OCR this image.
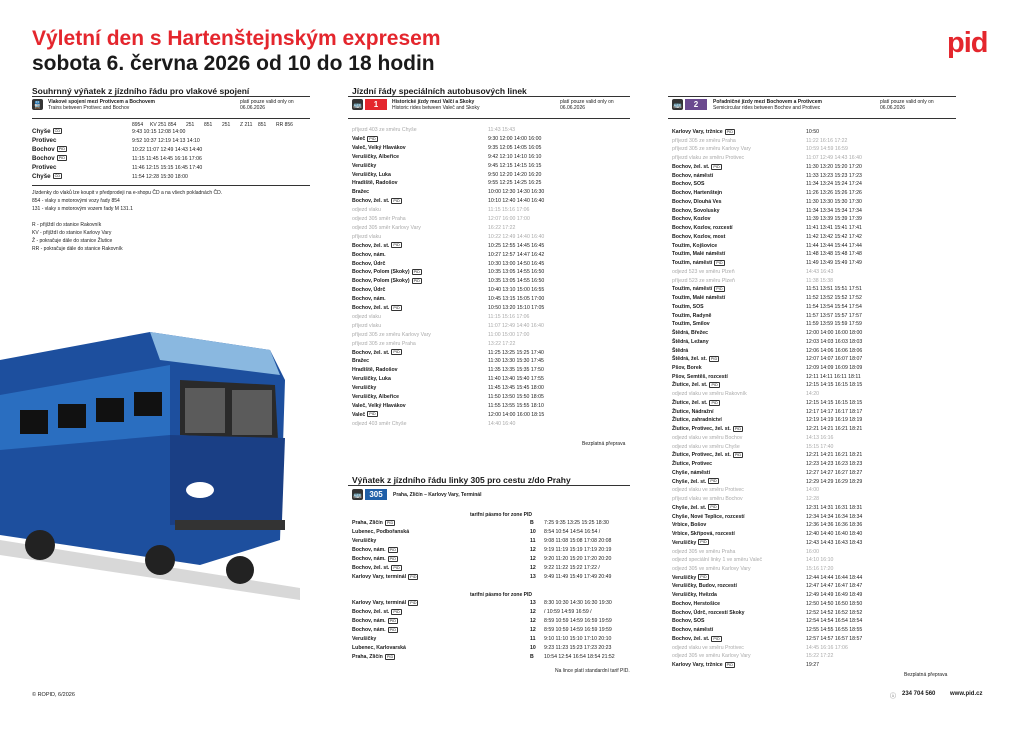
Výletní den s Hartenštejnským expresem
sobota 6. června 2026 od 10 do 18 hodin
pid
Souhrnný výňatek z jízdního řádu pro vlakové spojení
🚆 Vlakové spojení mezi Protivcem a Bochovem
Trains between Protivec and Bochov
platí pouze valid only on
06.06.2026
8954 KV 251 854 251 851 251 Z 211 851 RR 856
Chyše ČD	9:43 10:15 12:08 14:00
Protivec	9:52 10:37 12:19 14:13 14:10
Bochov PID	10:22 11:07 12:49 14:43 14:40
Bochov PID	11:15 11:45 14:45 16:16 17:06
Protivec	11:46 12:15 15:15 16:45 17:40
Chyše ČD	11:54 12:28 15:30 18:00
Jízdenky do vlaků lze koupit v předprodeji na e-shopu ČD a na všech pokladnách ČD.
854 - vlaky s motorovými vozy řady 854
131 - vlaky s motorovým vozem řady M 131.1
R - přijíždí do stanice Rakovník
KV - přijíždí do stanice Karlovy Vary
Ž - pokračuje dále do stanice Žlutice
RR - pokračuje dále do stanice Rakovník
© ROPID, 6/2026
Jízdní řády speciálních autobusových linek
🚌	1	Historické jízdy mezi Valčí a Skoky
Historic rides between Valeč and Skoky
platí pouze valid only on
06.06.2026
příjezd 403 ze směru Chyše	11:43 15:43
Valeč PID	9:30 12:00 14:00 16:00
Valeč, Velký Hlavákov	9:35 12:05 14:05 16:05
Verušičky, Albeřice	9:42 12:10 14:10 16:10
Verušičky	9:45 12:15 14:15 16:15
Verušičky, Luka	9:50 12:20 14:20 16:20
Hradiště, Radošov	9:55 12:25 14:25 16:25
Bražec	10:00 12:30 14:30 16:30
Bochov, žel. st. PID	10:10 12:40 14:40 16:40
odjezd vlaku	11:15 15:16 17:06
odjezd 305 směr Praha	12:07 16:00 17:00
odjezd 305 směr Karlovy Vary	16:22 17:22
příjezd vlaku	10:22 12:49 14:40 16:40
Bochov, žel. st. PID	10:25 12:55 14:45 16:45
Bochov, nám.	10:27 12:57 14:47 16:42
Bochov, Údrč	10:30 13:00 14:50 16:45
Bochov, Polom (Skoky) PID	10:35 13:05 14:55 16:50
Bochov, Polom (Skoky) PID	10:35 13:05 14:55 16:50
Bochov, Údrč	10:40 13:10 15:00 16:55
Bochov, nám.	10:45 13:15 15:05 17:00
Bochov, žel. st. PID	10:50 13:20 15:10 17:05
odjezd vlaku	11:15 15:16 17:06
příjezd vlaku	11:07 12:49 14:40 16:40
příjezd 305 ze směru Karlovy Vary	11:00 15:00 17:00
příjezd 305 ze směru Praha	13:22 17:22
Bochov, žel. st. PID	11:25 13:25 15:25 17:40
Bražec	11:30 13:30 15:30 17:45
Hradiště, Radošov	11:35 13:35 15:35 17:50
Verušičky, Luka	11:40 13:40 15:40 17:55
Verušičky	11:45 13:45 15:45 18:00
Verušičky, Albeřice	11:50 13:50 15:50 18:05
Valeč, Velký Hlavákov	11:55 13:55 15:55 18:10
Valeč PID	12:00 14:00 16:00 18:15
odjezd 403 směr Chyše	14:40 16:40
Bezplatná přeprava
Výňatek z jízdního řádu linky 305 pro cestu z/do Prahy
🚌 305	Praha, Zličín – Karlovy Vary, Terminál
tarifní pásmo for zone PID
Praha, Zličín PID	B 7:25 9:35 13:25 15:25 18:30
Lubenec, Podbořanská	10 8:54 10:54 14:54 16:54 /
Verušičky	11 9:08 11:08 15:08 17:08 20:08
Bochov, nám. PID	12 9:19 11:19 15:19 17:19 20:19
Bochov, nám. PID	12 9:20 11:20 15:20 17:20 20:20
Bochov, žel. st. PID	12 9:22 11:22 15:22 17:22 /
Karlovy Vary, terminál PID	13 9:49 11:49 15:49 17:49 20:49
tarifní pásmo for zone PID
Karlovy Vary, terminál PID	13 8:30 10:30 14:30 16:30 19:30
Bochov, žel. st. PID	12 / 10:59 14:59 16:59 /
Bochov, nám. PID	12 8:59 10:59 14:59 16:59 19:59
Bochov, nám. PID	12 8:59 10:59 14:59 16:59 19:59
Verušičky	11 9:10 11:10 15:10 17:10 20:10
Lubenec, Karlovarská	10 9:23 11:23 15:23 17:23 20:23
Praha, Zličín PID	B 10:54 12:54 16:54 18:54 21:52
Na lince platí standardní tarif PID.
🚌	2	Pořadničné jízdy mezi Bochovem a Protivcem
Semicircular rides between Bochov and Protivec
platí pouze valid only on
06.06.2026
Karlovy Vary, tržnice PID	10:50
příjezd 305 ze směru Praha	11:22 16:16 17:22
příjezd 305 ze směru Karlovy Vary	10:59 14:59 16:59
příjezd vlaku ze směru Protivec	11:07 12:49 14:43 16:40
Bochov, žel. st. PID	11:30 13:20 15:20 17:20
Bochov, náměstí	11:33 13:23 15:23 17:23
Bochov, SOS	11:34 13:24 15:24 17:24
Bochov, Hartenštejn	11:26 13:26 15:26 17:26
Bochov, Dlouhá Ves	11:30 13:30 15:30 17:30
Bochov, Sovolusky	11:34 13:34 15:34 17:34
Bochov, Kozlov	11:39 13:39 15:39 17:39
Bochov, Kozlov, rozcestí	11:41 13:41 15:41 17:41
Bochov, Kozlov, most	11:42 13:42 15:42 17:42
Toužim, Kojšovice	11:44 13:44 15:44 17:44
Toužim, Malé náměstí	11:48 13:48 15:48 17:48
Toužim, náměstí PID	11:49 13:49 15:49 17:49
odjezd 523 ve směru Plzeň	14:43 16:43
příjezd 523 ze směru Plzeň	11:38 15:38
Toužim, náměstí PID	11:51 13:51 15:51 17:51
Toužim, Malé náměstí	11:52 13:52 15:52 17:52
Toužim, SOS	11:54 13:54 15:54 17:54
Toužim, Radyně	11:57 13:57 15:57 17:57
Toužim, Smilov	11:59 13:59 15:59 17:59
Štědrá, Břežec	12:00 14:00 16:00 18:00
Štědrá, Ležany	12:03 14:03 16:03 18:03
Štědrá	12:06 14:06 16:06 18:06
Štědrá, žel. st. PID	12:07 14:07 16:07 18:07
Pšov, Borek	12:09 14:09 16:09 18:09
Pšov, Semtěš, rozcestí	12:11 14:11 16:11 18:11
Žlutice, žel. st. PID	12:15 14:15 16:15 18:15
odjezd vlaku ve směru Rakovník	14:20
Žlutice, žel. st. PID	12:15 14:15 16:15 18:15
Žlutice, Nádražní	12:17 14:17 16:17 18:17
Žlutice, zahradnictví	12:19 14:19 16:19 18:19
Žlutice, Protivec, žel. st. PID	12:21 14:21 16:21 18:21
odjezd vlaku ve směru Bochov	14:13 16:16
odjezd vlaku ve směru Chyše	15:15 17:40
Žlutice, Protivec, žel. st. PID	12:21 14:21 16:21 18:21
Žlutice, Protivec	12:23 14:23 16:23 18:23
Chyše, náměstí	12:27 14:27 16:27 18:27
Chyše, žel. st. PID	12:29 14:29 16:29 18:29
odjezd vlaku ve směru Protivec	14:00
příjezd vlaku ve směru Bochov	12:28
Chyše, žel. st. PID	12:31 14:31 16:31 18:31
Chyše, Nové Teplice, rozcestí	12:34 14:34 16:34 18:34
Vrbice, Bošov	12:36 14:36 16:36 18:36
Vrbice, Skřípová, rozcestí	12:40 14:40 16:40 18:40
Verušičky PID	12:43 14:43 16:43 18:43
odjezd 305 ve směru Praha	16:00
odjezd speciální linky 1 ve směru Valeč	14:10 16:10
odjezd 305 ve směru Karlovy Vary	15:16 17:20
Verušičky PID	12:44 14:44 16:44 18:44
Verušičky, Budov, rozcestí	12:47 14:47 16:47 18:47
Verušičky, Hvězda	12:49 14:49 16:49 18:49
Bochov, Herstošice	12:50 14:50 16:50 18:50
Bochov, Údrč, rozcestí Skoky	12:52 14:52 16:52 18:52
Bochov, SOS	12:54 14:54 16:54 18:54
Bochov, náměstí	12:55 14:55 16:55 18:55
Bochov, žel. st. PID	12:57 14:57 16:57 18:57
odjezd vlaku ve směru Protivec	14:45 16:16 17:06
odjezd 305 ve směru Karlovy Vary	15:22 17:22
Karlovy Vary, tržnice PID	19:27
Bezplatná přeprava
ⓘ 234 704 560 www.pid.cz
